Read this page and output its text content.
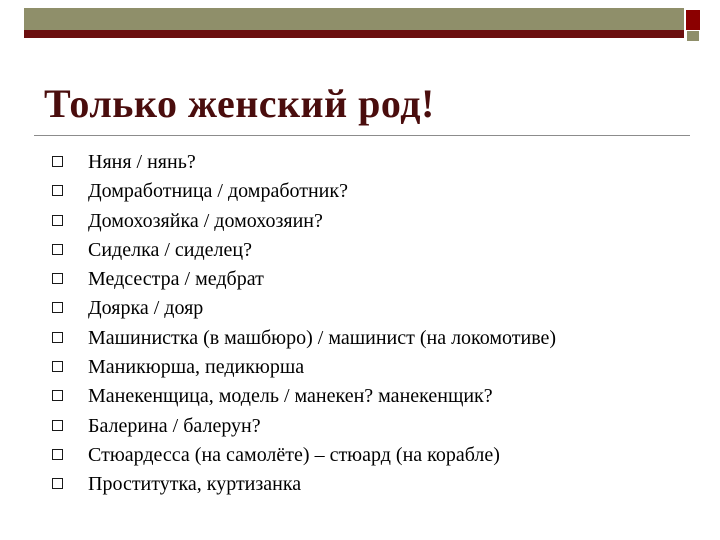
Только женский род!
Няня / нянь?
Домработница / домработник?
Домохозяйка / домохозяин?
Сиделка / сиделец?
Медсестра / медбрат
Доярка / дояр
Машинистка (в машбюро) / машинист (на локомотиве)
Маникюрша, педикюрша
Манекенщица, модель / манекен? манекенщик?
Балерина / балерун?
Стюардесса (на самолёте) – стюард (на корабле)
Проститутка, куртизанка
